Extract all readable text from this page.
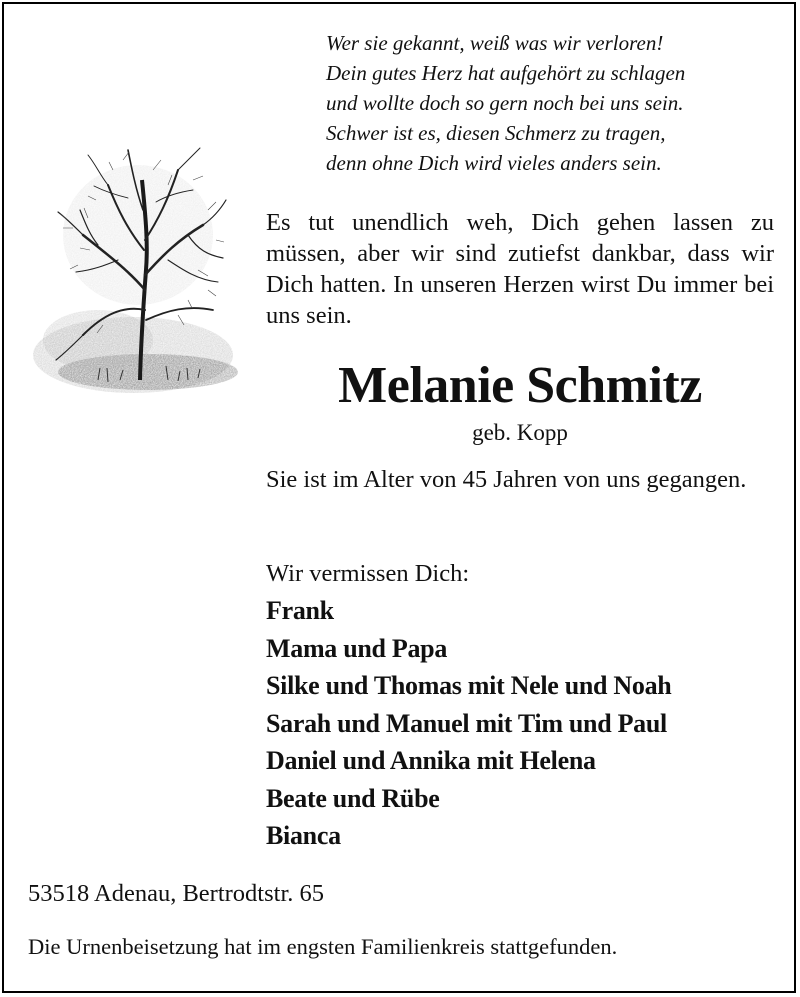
Wer sie gekannt, weiß was wir verloren!
Dein gutes Herz hat aufgehört zu schlagen
und wollte doch so gern noch bei uns sein.
Schwer ist es, diesen Schmerz zu tragen,
denn ohne Dich wird vieles anders sein.

Es tut unendlich weh, Dich gehen lassen zu müssen, aber wir sind zutiefst dankbar, dass wir Dich hatten. In unseren Herzen wirst Du immer bei uns sein.

Melanie Schmitz

geb. Kopp

Sie ist im Alter von 45 Jahren von uns gegangen.

Wir vermissen Dich:

Frank
Mama und Papa
Silke und Thomas mit Nele und Noah
Sarah und Manuel mit Tim und Paul
Daniel und Annika mit Helena
Beate und Rübe
Bianca

53518 Adenau, Bertrodtstr. 65

Die Urnenbeisetzung hat im engsten Familienkreis stattgefunden.
